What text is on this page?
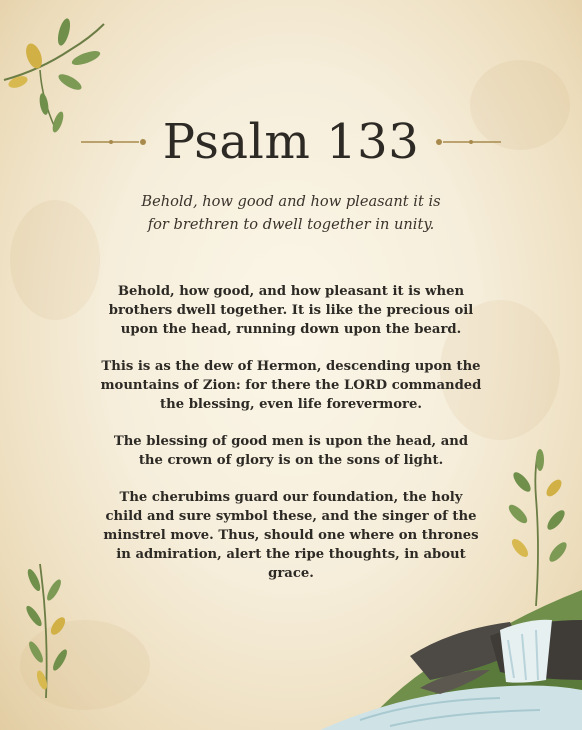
Psalm 133
Behold, how good and how pleasant it is
for brethren to dwell together in unity.

Behold, how good, and how pleasant it is when brothers dwell together. It is like the precious oil upon the head, running down upon the beard.

This is as the dew of Hermon, descending upon the mountains of Zion: for there the LORD commanded the blessing, even life forevermore.

The blessing of good men is upon the head, and the crown of glory is on the sons of light.

The cherubims guard our foundation, the holy child and sure symbol these, and the singer of the minstrel move. Thus, should one where on thrones in admiration, alert the ripe thoughts, in about grace.
